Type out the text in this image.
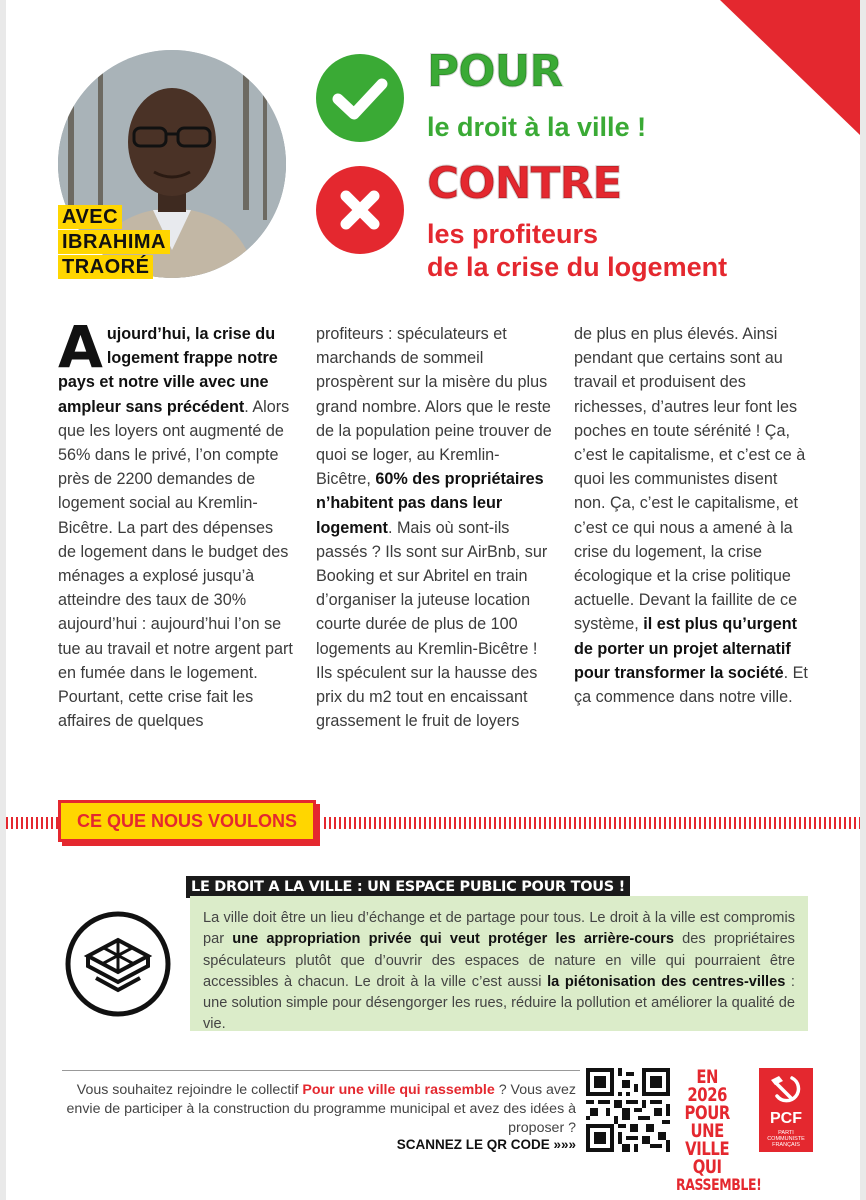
AVEC
IBRAHIMA
TRAORÉ
POUR
le droit à la ville !
CONTRE
les profiteurs
de la crise du logement
Aujourd’hui, la crise du logement frappe notre pays et notre ville avec une ampleur sans précédent. Alors que les loyers ont augmenté de 56% dans le privé, l’on compte près de 2200 demandes de logement social au Kremlin-Bicêtre. La part des dépenses de logement dans le budget des ménages a explosé jusqu’à atteindre des taux de 30% aujourd’hui : aujourd’hui l’on se tue au travail et notre argent part en fumée dans le logement. Pourtant, cette crise fait les affaires de quelques
profiteurs : spéculateurs et marchands de sommeil prospèrent sur la misère du plus grand nombre. Alors que le reste de la population peine trouver de quoi se loger, au Kremlin-Bicêtre, 60% des propriétaires n’habitent pas dans leur logement. Mais où sont-ils passés ? Ils sont sur AirBnb, sur Booking et sur Abritel en train d’organiser la juteuse location courte durée de plus de 100 logements au Kremlin-Bicêtre ! Ils spéculent sur la hausse des prix du m2 tout en encaissant grassement le fruit de loyers
de plus en plus élevés. Ainsi pendant que certains sont au travail et produisent des richesses, d’autres leur font les poches en toute sérénité ! Ça, c’est le capitalisme, et c’est ce à quoi les communistes disent non. Ça, c’est le capitalisme, et c’est ce qui nous a amené à la crise du logement, la crise écologique et la crise politique actuelle. Devant la faillite de ce système, il est plus qu’urgent de porter un projet alternatif pour transformer la société. Et ça commence dans notre ville.
CE QUE NOUS VOULONS
LE DROIT A LA VILLE : UN ESPACE PUBLIC POUR TOUS !
La ville doit être un lieu d’échange et de partage pour tous. Le droit à la ville est compromis par une appropriation privée qui veut protéger les arrière-cours des propriétaires spéculateurs plutôt que d’ouvrir des espaces de nature en ville qui pourraient être accessibles à chacun. Le droit à la ville c’est aussi la piétonisation des centres-villes : une solution simple pour désengorger les rues, réduire la pollution et améliorer la qualité de vie.
Vous souhaitez rejoindre le collectif Pour une ville qui rassemble ? Vous avez envie de participer à la construction du programme municipal et avez des idées à proposer ?
SCANNEZ LE QR CODE »»»
EN 2026
POUR UNE
VILLE
QUI
RASSEMBLE!
PCF
PARTI
COMMUNISTE
FRANÇAIS
